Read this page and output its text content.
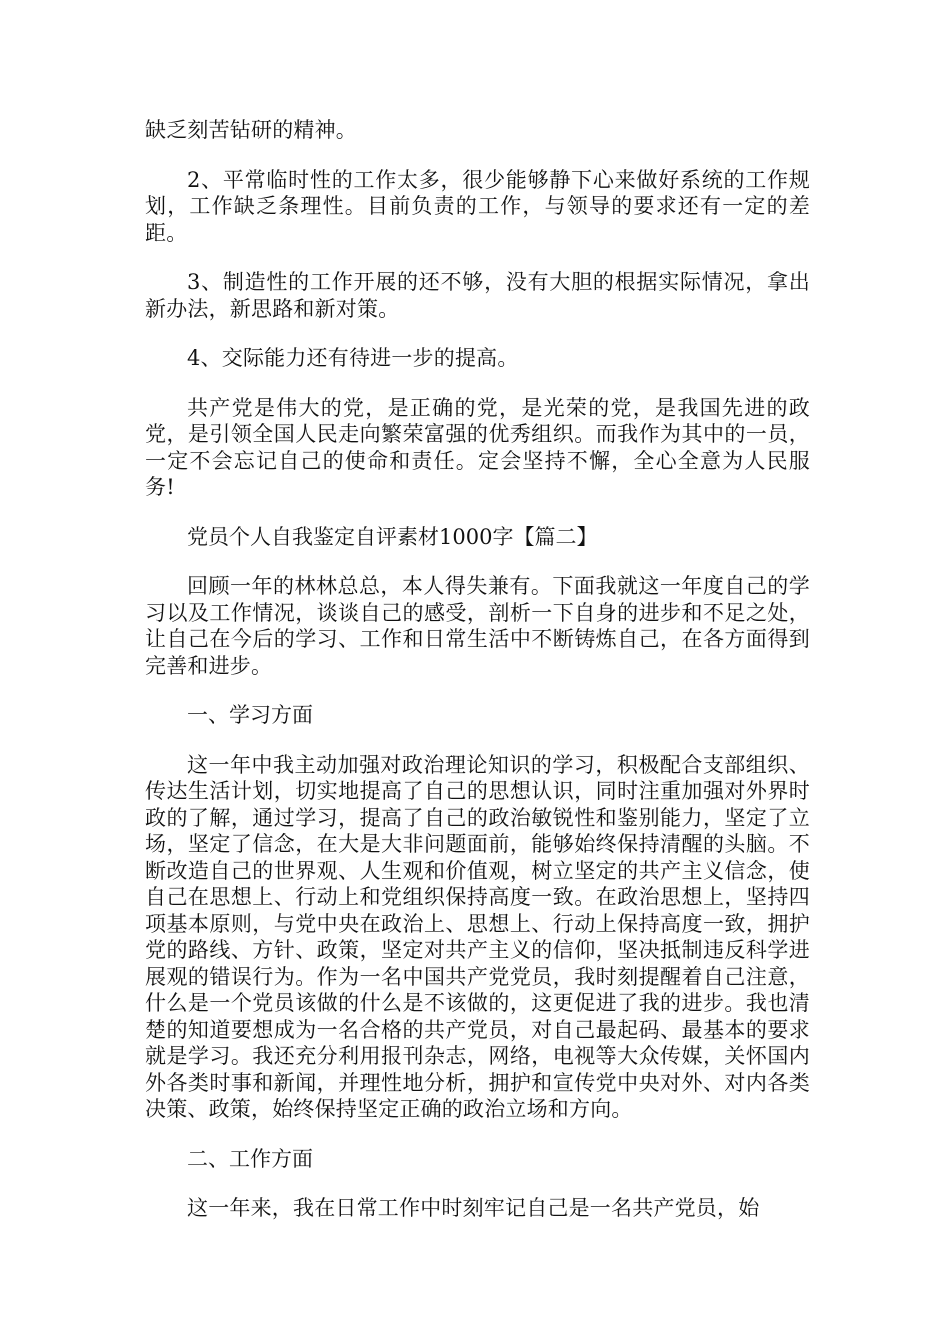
缺乏刻苦钻研的精神。

2、平常临时性的工作太多，很少能够静下心来做好系统的工作规划，工作缺乏条理性。目前负责的工作，与领导的要求还有一定的差距。

3、制造性的工作开展的还不够，没有大胆的根据实际情况，拿出新办法，新思路和新对策。

4、交际能力还有待进一步的提高。

共产党是伟大的党，是正确的党，是光荣的党，是我国先进的政党，是引领全国人民走向繁荣富强的优秀组织。而我作为其中的一员，一定不会忘记自己的使命和责任。定会坚持不懈，全心全意为人民服务!

党员个人自我鉴定自评素材1000字【篇二】

回顾一年的林林总总，本人得失兼有。下面我就这一年度自己的学习以及工作情况，谈谈自己的感受，剖析一下自身的进步和不足之处，让自己在今后的学习、工作和日常生活中不断铸炼自己，在各方面得到完善和进步。

一、学习方面

这一年中我主动加强对政治理论知识的学习，积极配合支部组织、传达生活计划，切实地提高了自己的思想认识，同时注重加强对外界时政的了解，通过学习，提高了自己的政治敏锐性和鉴别能力，坚定了立场，坚定了信念，在大是大非问题面前，能够始终保持清醒的头脑。不断改造自己的世界观、人生观和价值观，树立坚定的共产主义信念，使自己在思想上、行动上和党组织保持高度一致。在政治思想上，坚持四项基本原则，与党中央在政治上、思想上、行动上保持高度一致，拥护党的路线、方针、政策，坚定对共产主义的信仰，坚决抵制违反科学进展观的错误行为。作为一名中国共产党党员，我时刻提醒着自己注意，什么是一个党员该做的什么是不该做的，这更促进了我的进步。我也清楚的知道要想成为一名合格的共产党员，对自己最起码、最基本的要求就是学习。我还充分利用报刊杂志，网络，电视等大众传媒，关怀国内外各类时事和新闻，并理性地分析，拥护和宣传党中央对外、对内各类决策、政策，始终保持坚定正确的政治立场和方向。

二、工作方面

这一年来，我在日常工作中时刻牢记自己是一名共产党员，始
